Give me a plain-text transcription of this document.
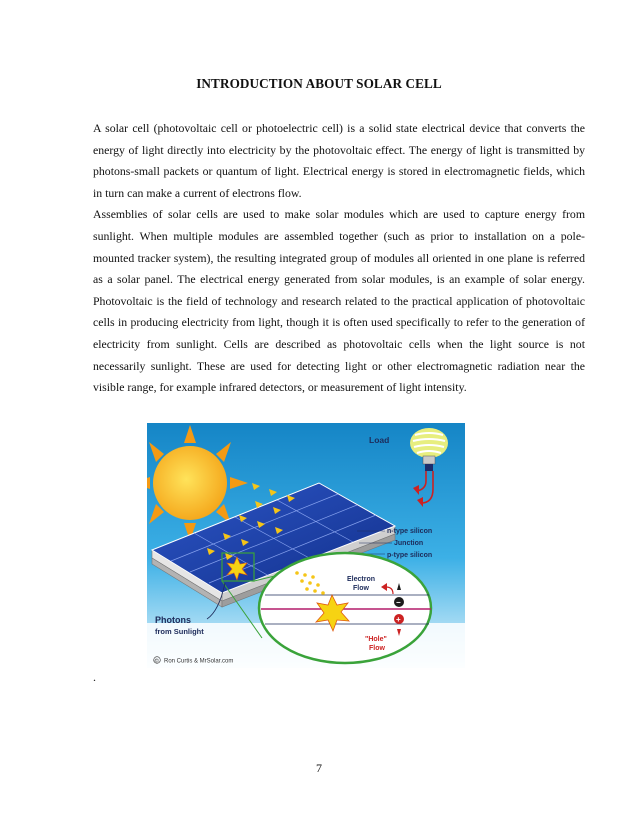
INTRODUCTION ABOUT SOLAR CELL

A solar cell (photovoltaic cell or photoelectric cell) is a solid state electrical device that converts the energy of light directly into electricity by the photovoltaic effect. The energy of light is transmitted by photons-small packets or quantum of light. Electrical energy is stored in electromagnetic fields, which in turn can make a current of electrons flow.

Assemblies of solar cells are used to make solar modules which are used to capture energy from sunlight. When multiple modules are assembled together (such as prior to installation on a pole-mounted tracker system), the resulting integrated group of modules all oriented in one plane is referred as a solar panel. The electrical energy generated from solar modules, is an example of solar energy. Photovoltaic is the field of technology and research related to the practical application of photovoltaic cells in producing electricity from light, though it is often used specifically to refer to the generation of electricity from sunlight. Cells are described as photovoltaic cells when the light source is not necessarily sunlight. These are used for detecting light or other electromagnetic radiation near the visible range, for example infrared detectors, or measurement of light intensity.

Load
n-type silicon
Junction
p-type silicon
Electron
Flow
−
+
"Hole"
Flow
Photons
from Sunlight
© Ron Curtis & MrSolar.com
.
7
